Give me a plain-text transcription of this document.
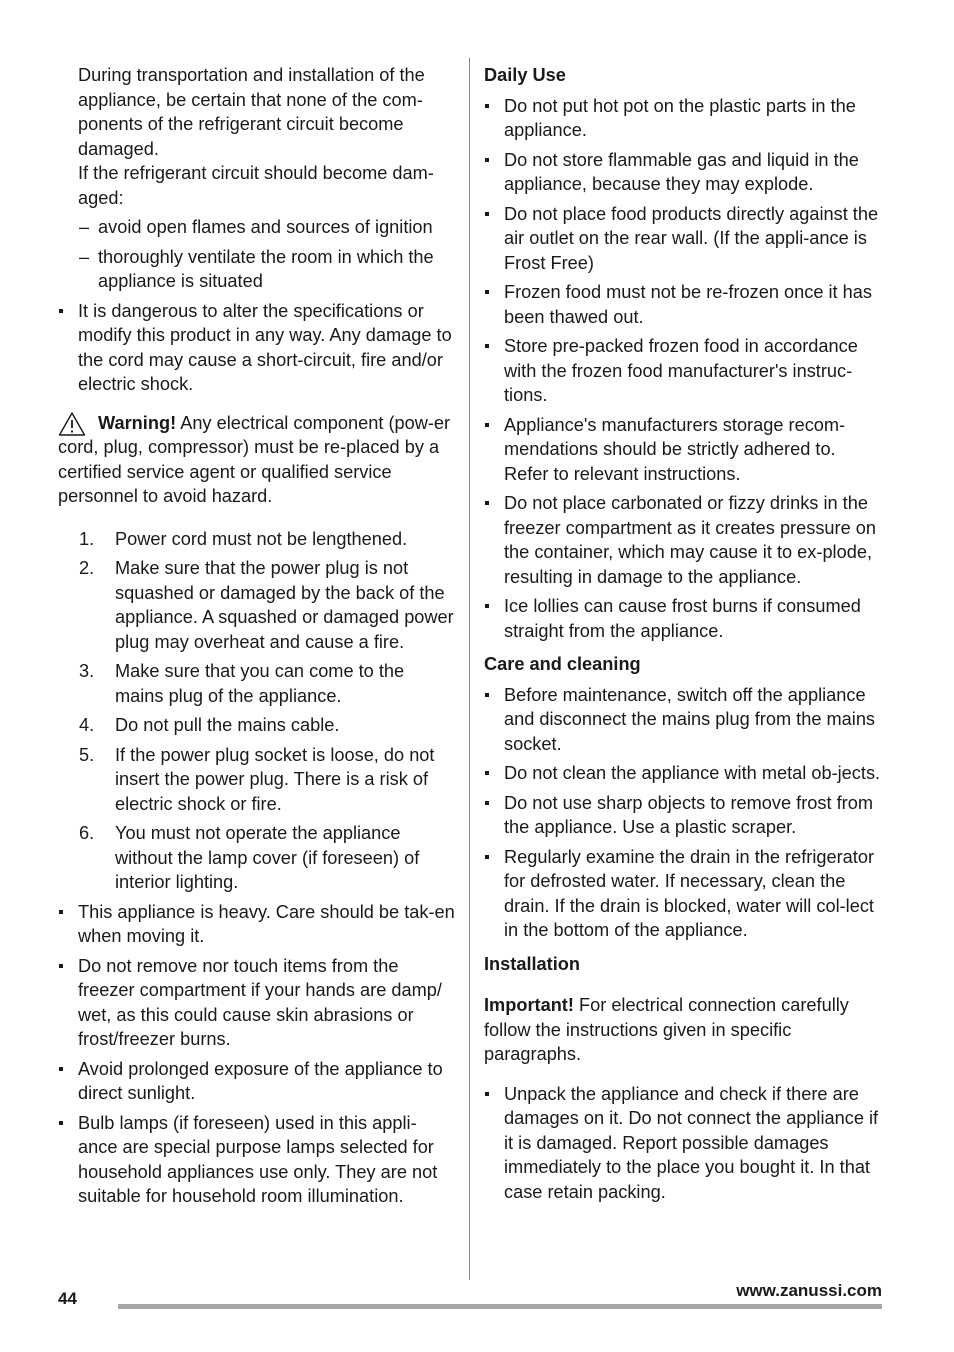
During transportation and installation of the appliance, be certain that none of the com-ponents of the refrigerant circuit become damaged.

If the refrigerant circuit should become dam-aged:

– avoid open flames and sources of ignition
– thoroughly ventilate the room in which the appliance is situated
It is dangerous to alter the specifications or modify this product in any way. Any damage to the cord may cause a short-circuit, fire and/or electric shock.
Warning! Any electrical component (pow-er cord, plug, compressor) must be re-placed by a certified service agent or qualified service personnel to avoid hazard.
1. Power cord must not be lengthened.
2. Make sure that the power plug is not squashed or damaged by the back of the appliance. A squashed or damaged power plug may overheat and cause a fire.
3. Make sure that you can come to the mains plug of the appliance.
4. Do not pull the mains cable.
5. If the power plug socket is loose, do not insert the power plug. There is a risk of electric shock or fire.
6. You must not operate the appliance without the lamp cover (if foreseen) of interior lighting.
This appliance is heavy. Care should be tak-en when moving it.
Do not remove nor touch items from the freezer compartment if your hands are damp/ wet, as this could cause skin abrasions or frost/freezer burns.
Avoid prolonged exposure of the appliance to direct sunlight.
Bulb lamps (if foreseen) used in this appli-ance are special purpose lamps selected for household appliances use only. They are not suitable for household room illumination.

Daily Use

Do not put hot pot on the plastic parts in the appliance.
Do not store flammable gas and liquid in the appliance, because they may explode.
Do not place food products directly against the air outlet on the rear wall. (If the appli-ance is Frost Free)
Frozen food must not be re-frozen once it has been thawed out.
Store pre-packed frozen food in accordance with the frozen food manufacturer's instruc-tions.
Appliance's manufacturers storage recom-mendations should be strictly adhered to. Refer to relevant instructions.
Do not place carbonated or fizzy drinks in the freezer compartment as it creates pressure on the container, which may cause it to ex-plode, resulting in damage to the appliance.
Ice lollies can cause frost burns if consumed straight from the appliance.

Care and cleaning

Before maintenance, switch off the appliance and disconnect the mains plug from the mains socket.
Do not clean the appliance with metal ob-jects.
Do not use sharp objects to remove frost from the appliance. Use a plastic scraper.
Regularly examine the drain in the refrigerator for defrosted water. If necessary, clean the drain. If the drain is blocked, water will col-lect in the bottom of the appliance.

Installation

Important! For electrical connection carefully follow the instructions given in specific paragraphs.

Unpack the appliance and check if there are damages on it. Do not connect the appliance if it is damaged. Report possible damages immediately to the place you bought it. In that case retain packing.
www.zanussi.com
44
